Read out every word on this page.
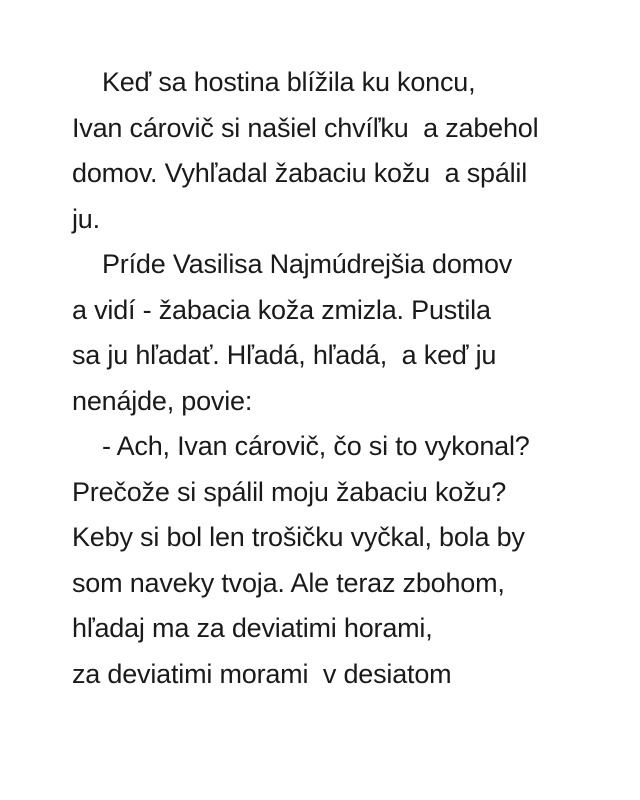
Keď sa hostina blížila ku koncu,
Ivan cárovič si našiel chvíľku  a zabehol
domov. Vyhľadal žabaciu kožu  a spálil
ju.
Príde Vasilisa Najmúdrejšia domov
a vidí - žabacia koža zmizla. Pustila
sa ju hľadať. Hľadá, hľadá,  a keď ju
nenájde, povie:
- Ach, Ivan cárovič, čo si to vykonal?
Prečože si spálil moju žabaciu kožu?
Keby si bol len trošičku vyčkal, bola by
som naveky tvoja. Ale teraz zbohom,
hľadaj ma za deviatimi horami,
za deviatimi morami  v desiatom
